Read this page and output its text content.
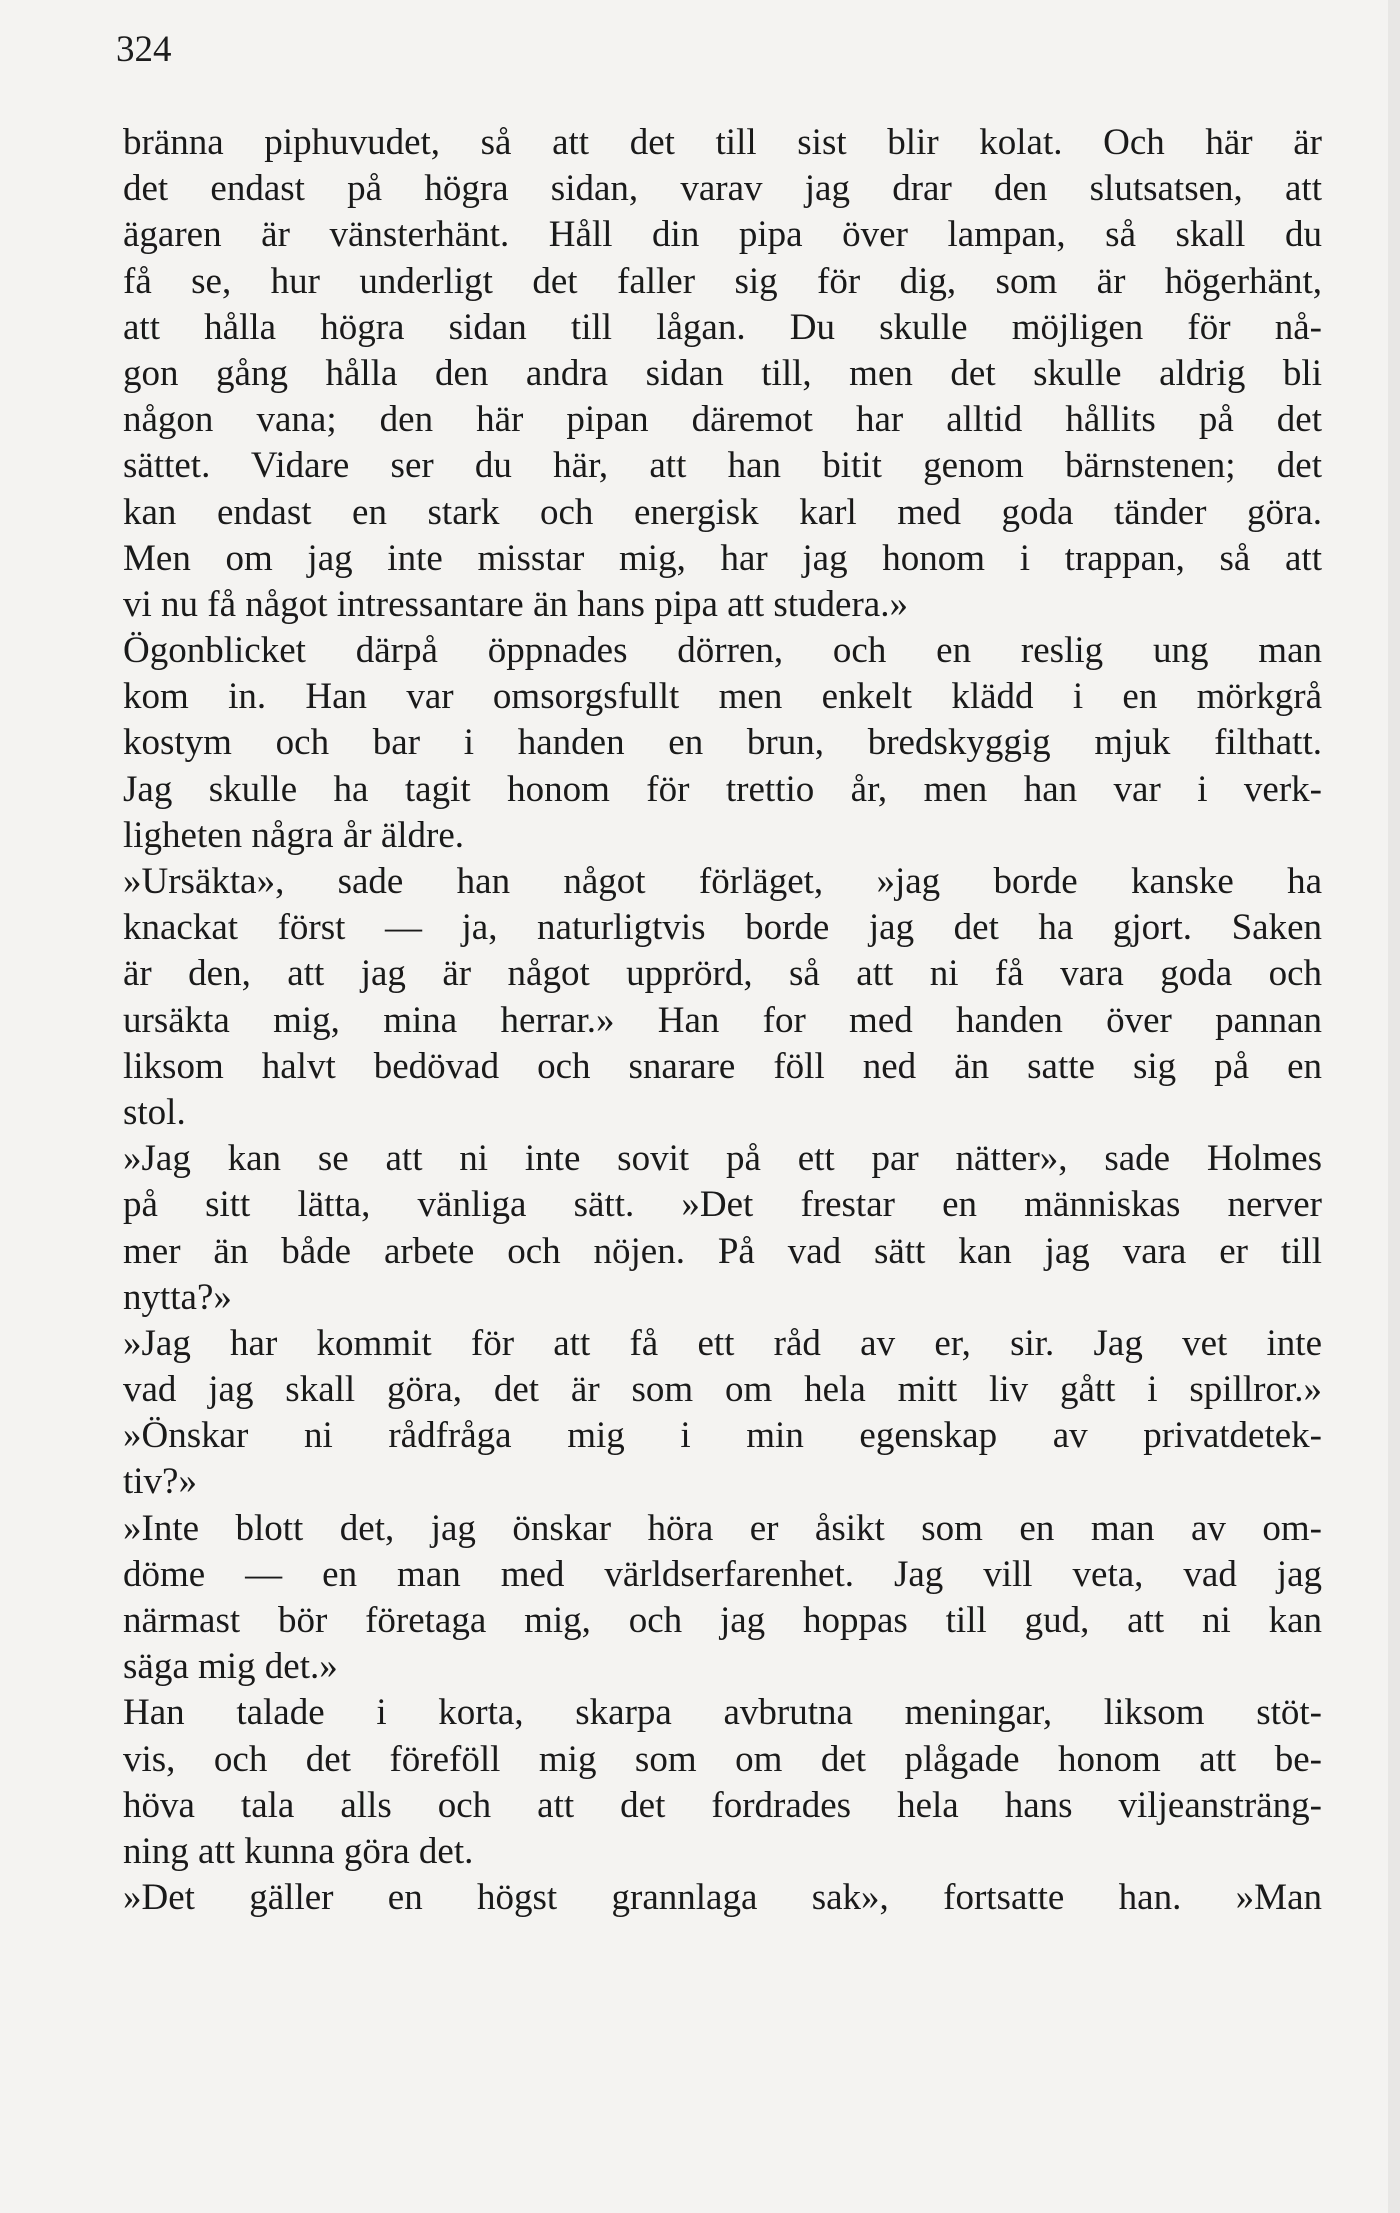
324
bränna piphuvudet, så att det till sist blir kolat. Och här är
det endast på högra sidan, varav jag drar den slutsatsen, att
ägaren är vänsterhänt. Håll din pipa över lampan, så skall du
få se, hur underligt det faller sig för dig, som är högerhänt,
att hålla högra sidan till lågan. Du skulle möjligen för nå-
gon gång hålla den andra sidan till, men det skulle aldrig bli
någon vana; den här pipan däremot har alltid hållits på det
sättet. Vidare ser du här, att han bitit genom bärnstenen; det
kan endast en stark och energisk karl med goda tänder göra.
Men om jag inte misstar mig, har jag honom i trappan, så att
vi nu få något intressantare än hans pipa att studera.»
Ögonblicket därpå öppnades dörren, och en reslig ung man
kom in. Han var omsorgsfullt men enkelt klädd i en mörkgrå
kostym och bar i handen en brun, bredskyggig mjuk filthatt.
Jag skulle ha tagit honom för trettio år, men han var i verk-
ligheten några år äldre.
»Ursäkta», sade han något förläget, »jag borde kanske ha
knackat först — ja, naturligtvis borde jag det ha gjort. Saken
är den, att jag är något upprörd, så att ni få vara goda och
ursäkta mig, mina herrar.» Han for med handen över pannan
liksom halvt bedövad och snarare föll ned än satte sig på en
stol.
»Jag kan se att ni inte sovit på ett par nätter», sade Holmes
på sitt lätta, vänliga sätt. »Det frestar en människas nerver
mer än både arbete och nöjen. På vad sätt kan jag vara er till
nytta?»
»Jag har kommit för att få ett råd av er, sir. Jag vet inte
vad jag skall göra, det är som om hela mitt liv gått i spillror.»
»Önskar ni rådfråga mig i min egenskap av privatdetek-
tiv?»
»Inte blott det, jag önskar höra er åsikt som en man av om-
döme — en man med världserfarenhet. Jag vill veta, vad jag
närmast bör företaga mig, och jag hoppas till gud, att ni kan
säga mig det.»
Han talade i korta, skarpa avbrutna meningar, liksom stöt-
vis, och det föreföll mig som om det plågade honom att be-
höva tala alls och att det fordrades hela hans viljeansträng-
ning att kunna göra det.
»Det gäller en högst grannlaga sak», fortsatte han. »Man
